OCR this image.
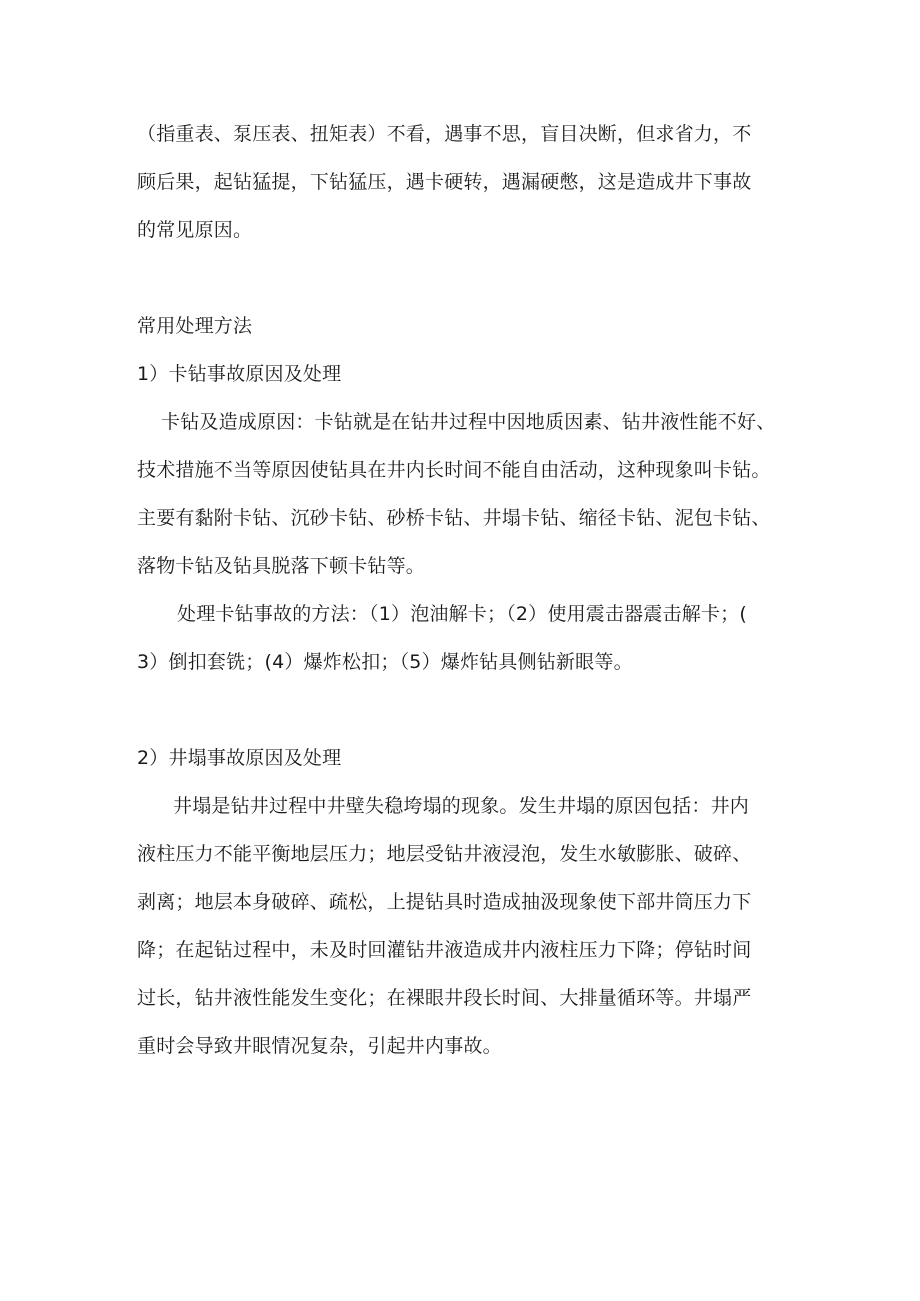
（指重表、泵压表、扭矩表）不看，遇事不思，盲目决断，但求省力，不
顾后果，起钻猛提，下钻猛压，遇卡硬转，遇漏硬憋，这是造成井下事故
的常见原因。
常用处理方法
1）卡钻事故原因及处理
卡钻及造成原因：卡钻就是在钻井过程中因地质因素、钻井液性能不好、
技术措施不当等原因使钻具在井内长时间不能自由活动，这种现象叫卡钻。
主要有黏附卡钻、沉砂卡钻、砂桥卡钻、井塌卡钻、缩径卡钻、泥包卡钻、
落物卡钻及钻具脱落下顿卡钻等。
处理卡钻事故的方法：（1）泡油解卡；（2）使用震击器震击解卡；(
3）倒扣套铣；(4）爆炸松扣；（5）爆炸钻具侧钻新眼等。
2）井塌事故原因及处理
井塌是钻井过程中井壁失稳垮塌的现象。发生井塌的原因包括：井内
液柱压力不能平衡地层压力；地层受钻井液浸泡，发生水敏膨胀、破碎、
剥离；地层本身破碎、疏松，上提钻具时造成抽汲现象使下部井筒压力下
降；在起钻过程中，未及时回灌钻井液造成井内液柱压力下降；停钻时间
过长，钻井液性能发生变化；在裸眼井段长时间、大排量循环等。井塌严
重时会导致井眼情况复杂，引起井内事故。
